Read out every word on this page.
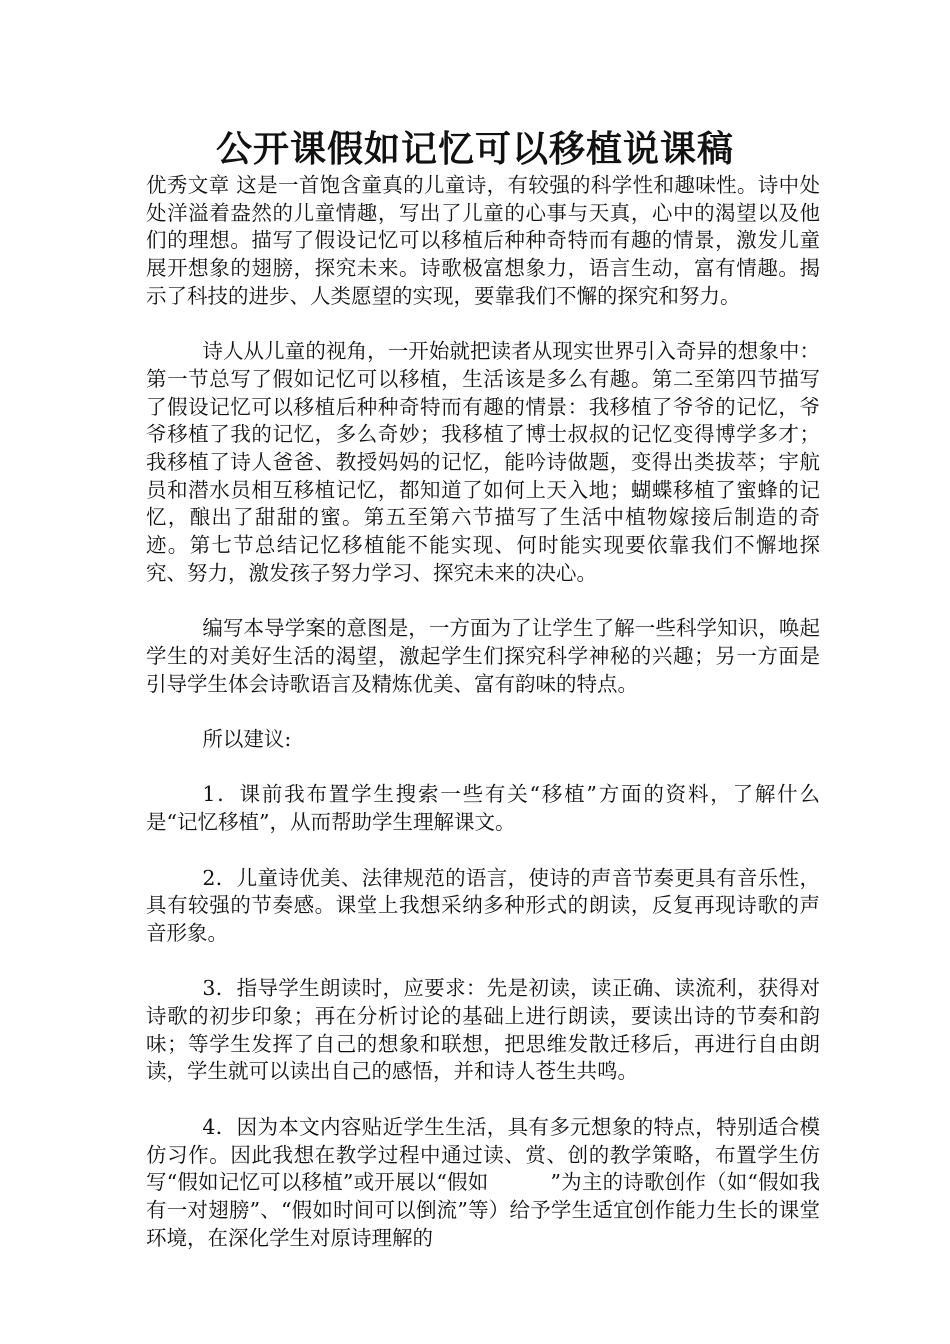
公开课假如记忆可以移植说课稿

优秀文章 这是一首饱含童真的儿童诗，有较强的科学性和趣味性。诗中处处洋溢着盎然的儿童情趣，写出了儿童的心事与天真，心中的渴望以及他们的理想。描写了假设记忆可以移植后种种奇特而有趣的情景，激发儿童展开想象的翅膀，探究未来。诗歌极富想象力，语言生动，富有情趣。揭示了科技的进步、人类愿望的实现，要靠我们不懈的探究和努力。

诗人从儿童的视角，一开始就把读者从现实世界引入奇异的想象中：第一节总写了假如记忆可以移植，生活该是多么有趣。第二至第四节描写了假设记忆可以移植后种种奇特而有趣的情景：我移植了爷爷的记忆，爷爷移植了我的记忆，多么奇妙；我移植了博士叔叔的记忆变得博学多才；我移植了诗人爸爸、教授妈妈的记忆，能吟诗做题，变得出类拔萃；宇航员和潜水员相互移植记忆，都知道了如何上天入地；蝴蝶移植了蜜蜂的记忆，酿出了甜甜的蜜。第五至第六节描写了生活中植物嫁接后制造的奇迹。第七节总结记忆移植能不能实现、何时能实现要依靠我们不懈地探究、努力，激发孩子努力学习、探究未来的决心。

编写本导学案的意图是，一方面为了让学生了解一些科学知识，唤起学生的对美好生活的渴望，激起学生们探究科学神秘的兴趣；另一方面是引导学生体会诗歌语言及精炼优美、富有韵味的特点。

所以建议:

1．课前我布置学生搜索一些有关“移植”方面的资料，了解什么是“记忆移植”，从而帮助学生理解课文。

2．儿童诗优美、法律规范的语言，使诗的声音节奏更具有音乐性，具有较强的节奏感。课堂上我想采纳多种形式的朗读，反复再现诗歌的声音形象。

3．指导学生朗读时，应要求：先是初读，读正确、读流利，获得对诗歌的初步印象；再在分析讨论的基础上进行朗读，要读出诗的节奏和韵味；等学生发挥了自己的想象和联想，把思维发散迁移后，再进行自由朗读，学生就可以读出自己的感悟，并和诗人苍生共鸣。

4．因为本文内容贴近学生生活，具有多元想象的特点，特别适合模仿习作。因此我想在教学过程中通过读、赏、创的教学策略，布置学生仿写“假如记忆可以移植”或开展以“假如　　　”为主的诗歌创作（如“假如我有一对翅膀”、“假如时间可以倒流”等）给予学生适宜创作能力生长的课堂环境，在深化学生对原诗理解的
